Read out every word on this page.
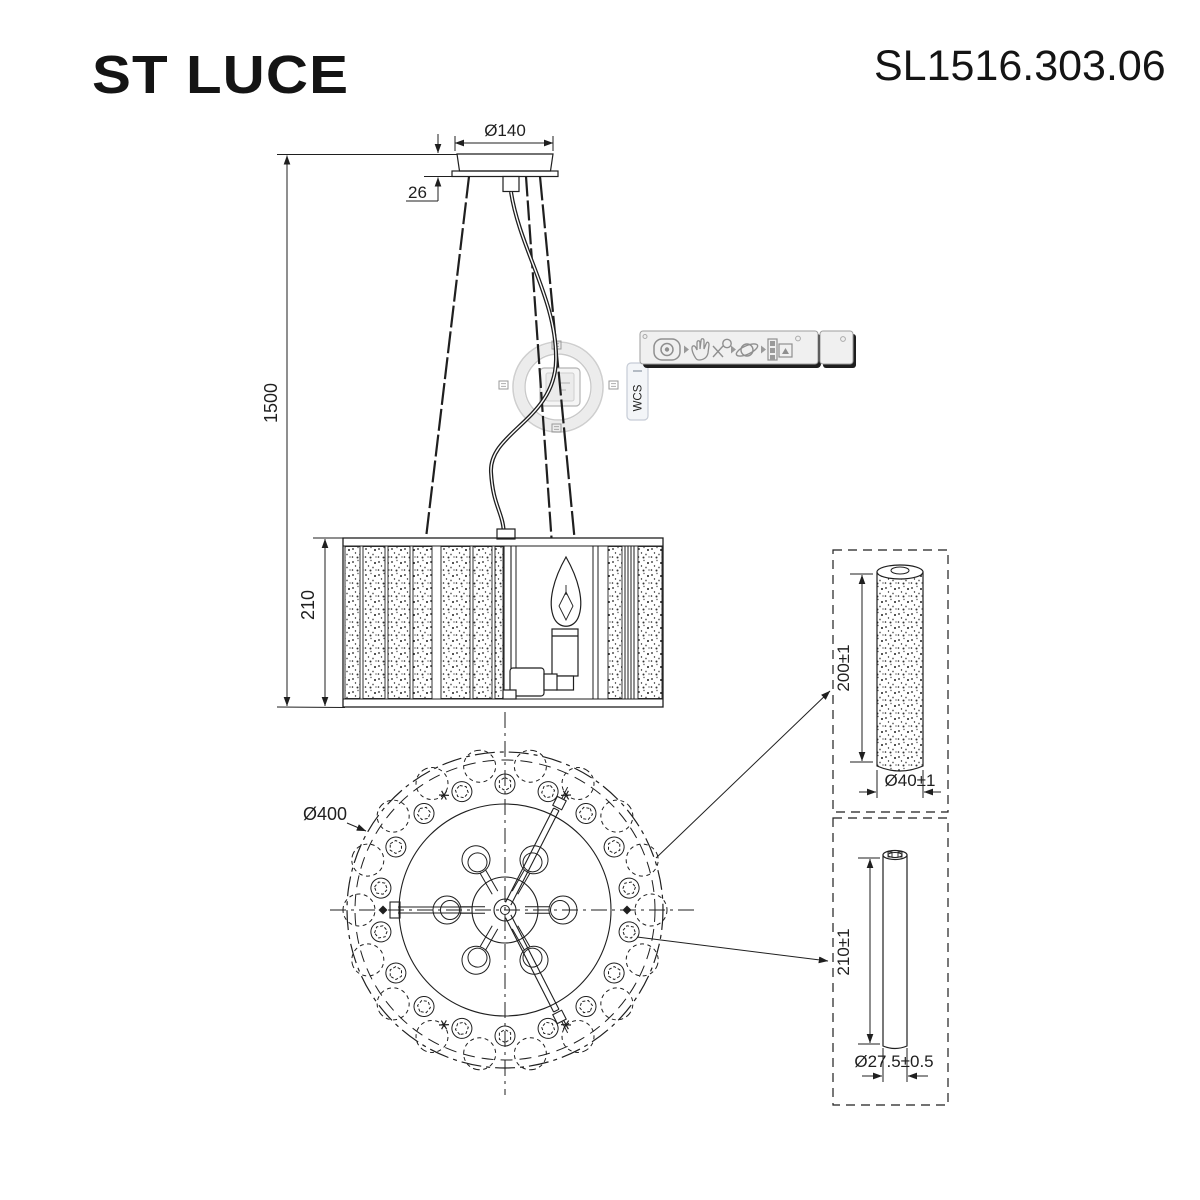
ST LUCE	SL1516.303.06
WCS
Ø140
26
1500
210
Ø400
200±1
Ø40±1
210±1
Ø27.5±0.5
